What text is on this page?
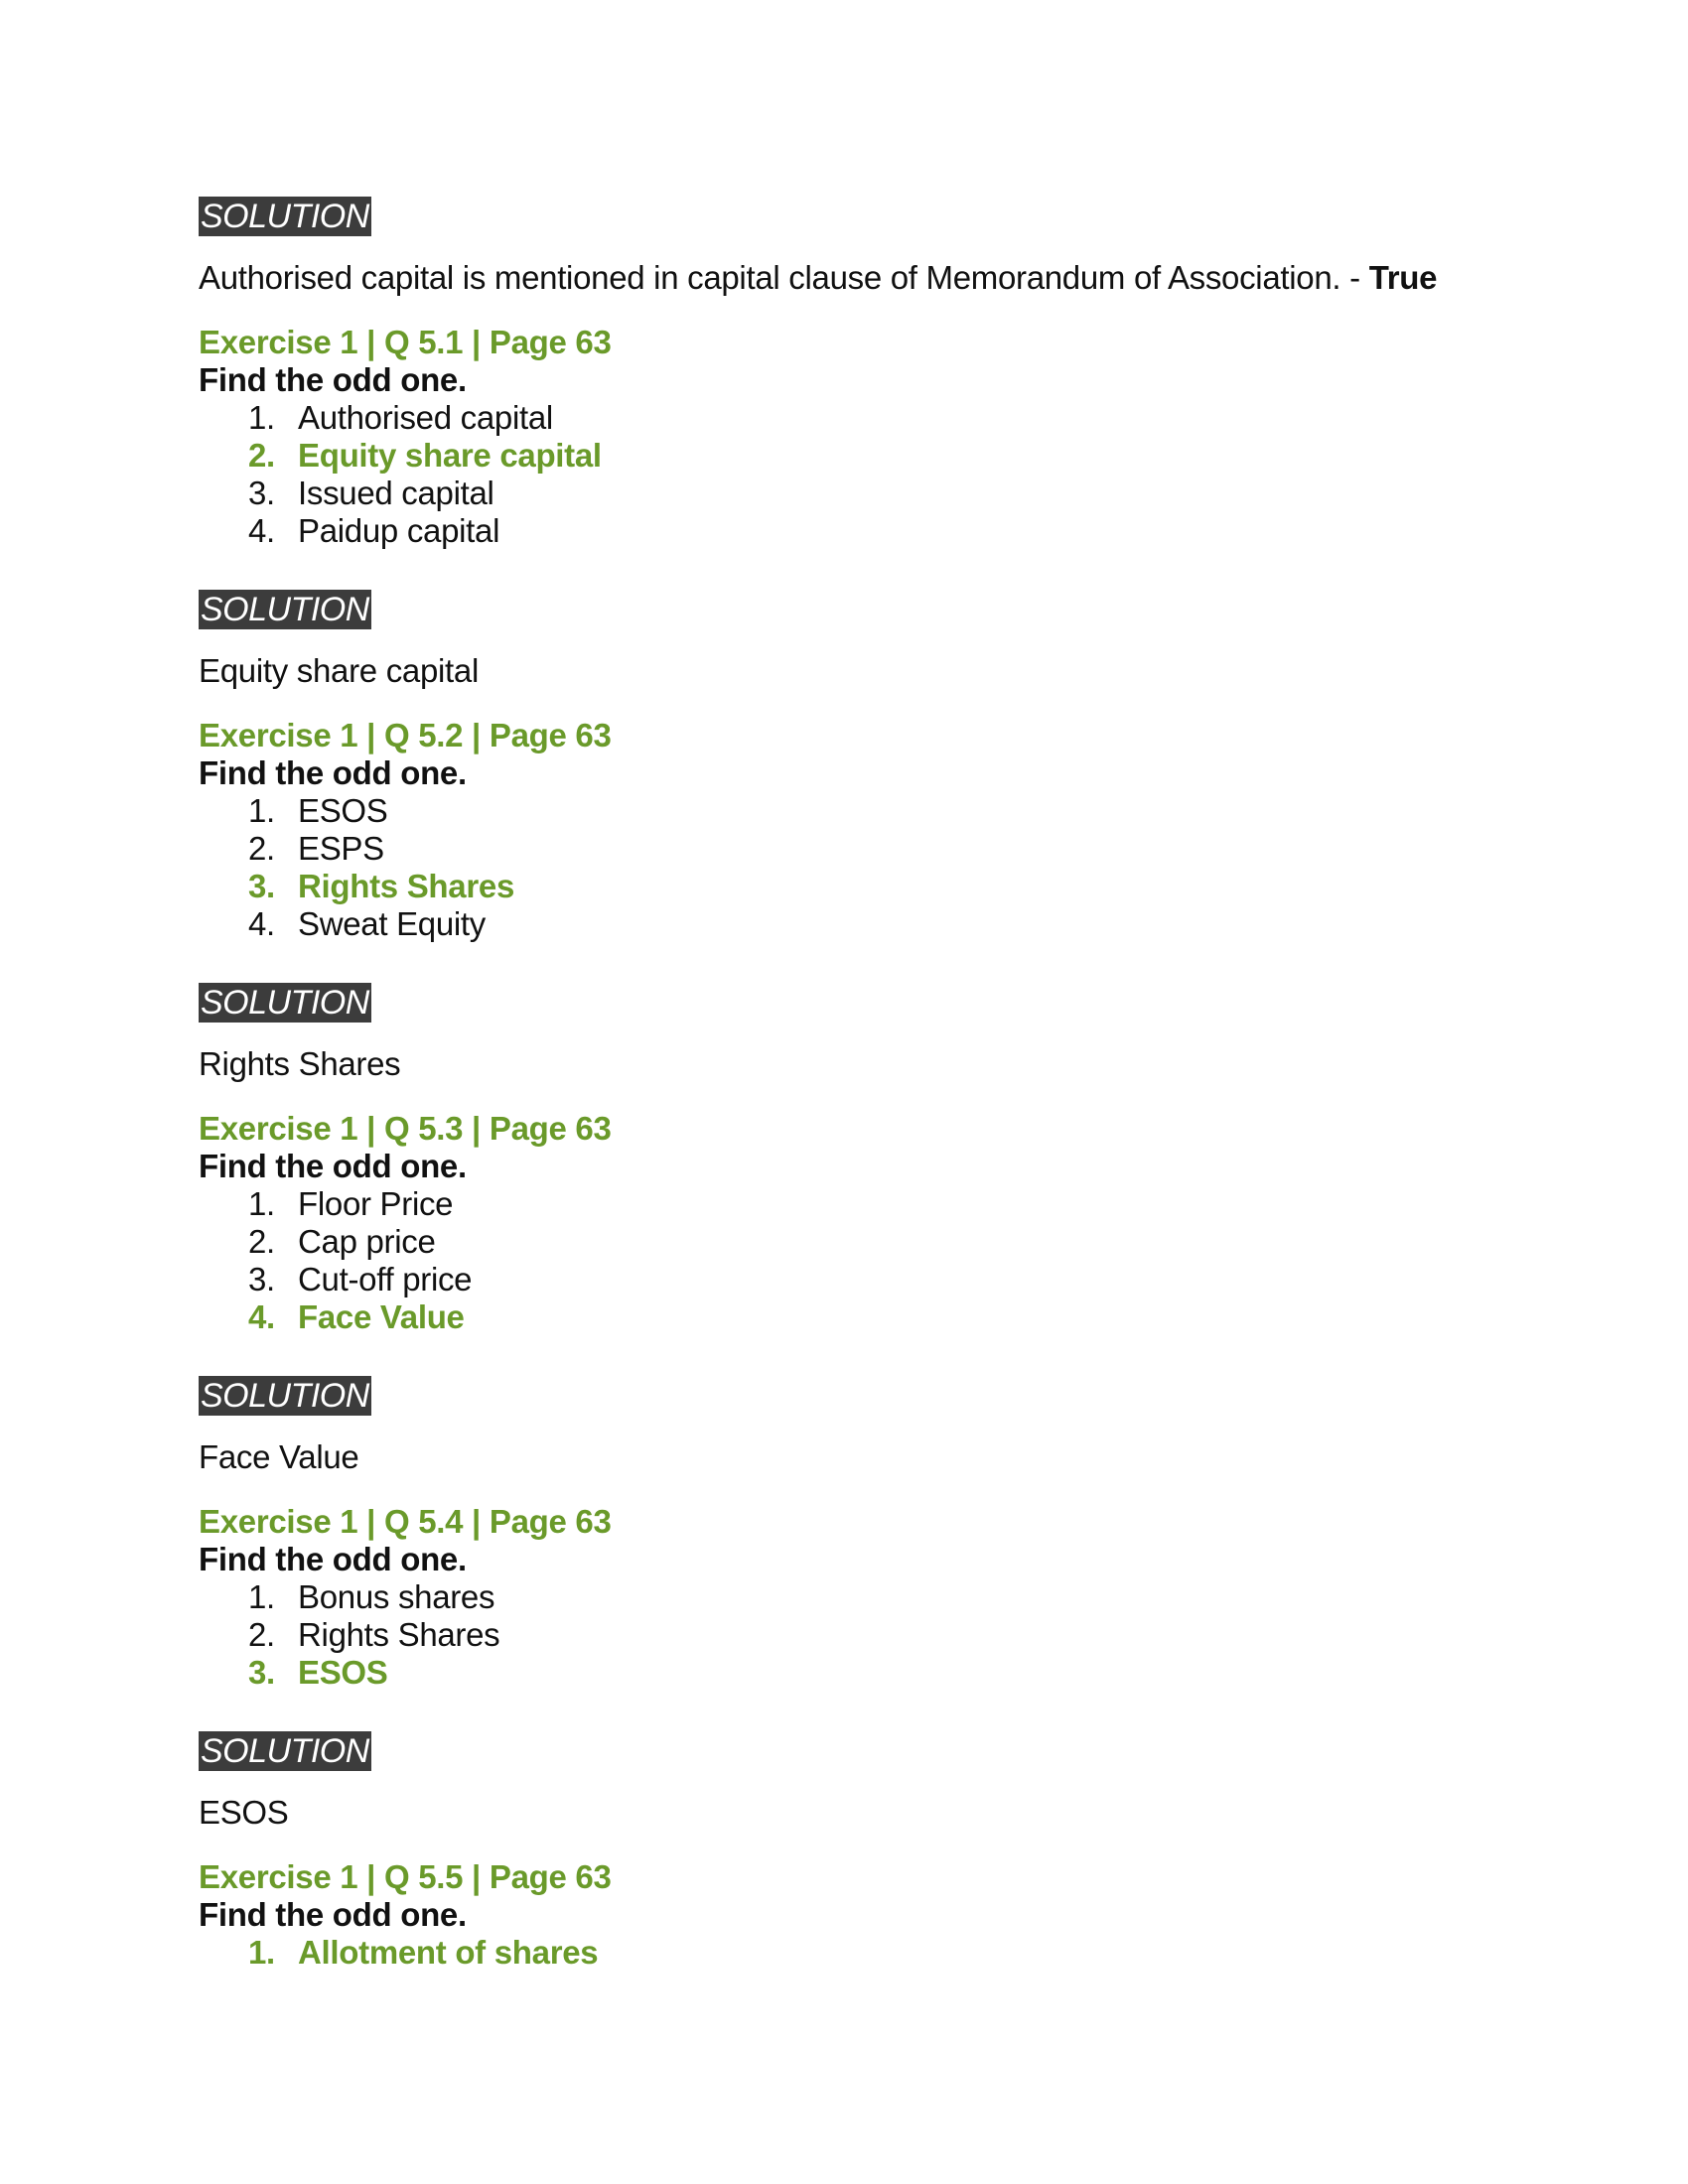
SOLUTION
Authorised capital is mentioned in capital clause of Memorandum of Association. - True
Exercise 1 | Q 5.1 | Page 63
Find the odd one.
1. Authorised capital
2. Equity share capital
3. Issued capital
4. Paidup capital
SOLUTION
Equity share capital
Exercise 1 | Q 5.2 | Page 63
Find the odd one.
1. ESOS
2. ESPS
3. Rights Shares
4. Sweat Equity
SOLUTION
Rights Shares
Exercise 1 | Q 5.3 | Page 63
Find the odd one.
1. Floor Price
2. Cap price
3. Cut-off price
4. Face Value
SOLUTION
Face Value
Exercise 1 | Q 5.4 | Page 63
Find the odd one.
1. Bonus shares
2. Rights Shares
3. ESOS
SOLUTION
ESOS
Exercise 1 | Q 5.5 | Page 63
Find the odd one.
1. Allotment of shares
